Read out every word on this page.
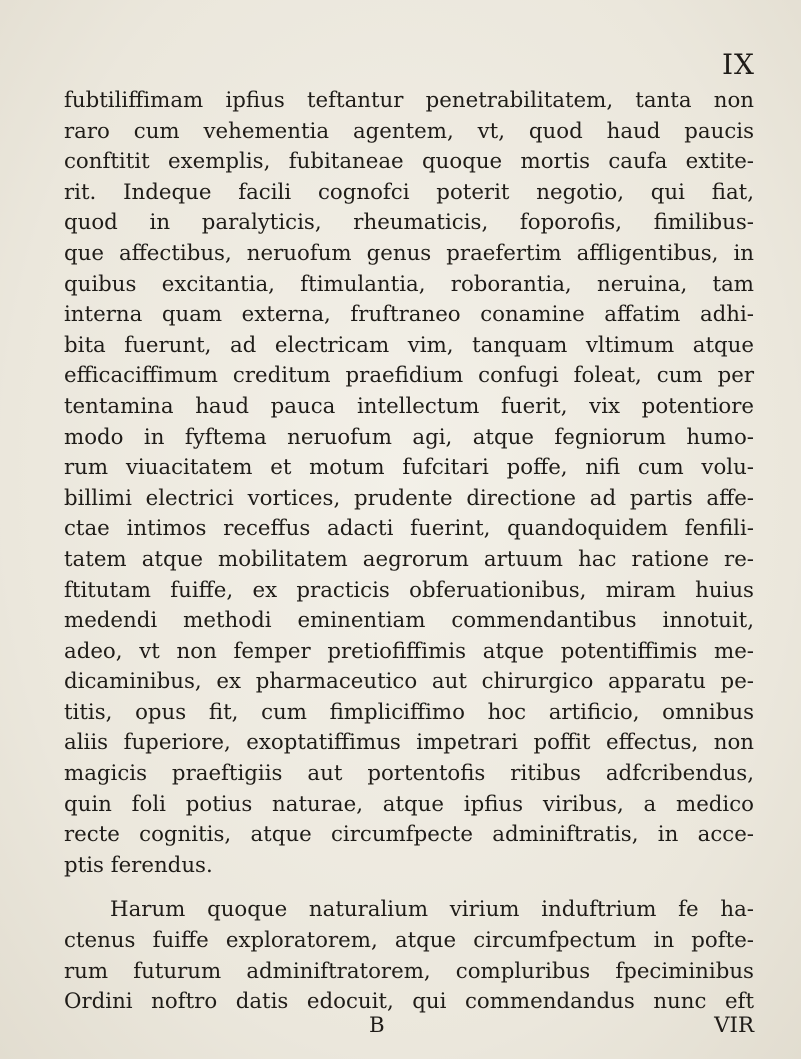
IX
fubtiliffimam ipfius teftantur penetrabilitatem, tanta non
raro cum vehementia agentem, vt, quod haud paucis
conftitit exemplis, fubitaneae quoque mortis caufa extite-
rit. Indeque facili cognofci poterit negotio, qui fiat,
quod in paralyticis, rheumaticis, foporofis, fimilibus-
que affectibus, neruofum genus praefertim affligentibus, in
quibus excitantia, ftimulantia, roborantia, neruina, tam
interna quam externa, fruftraneo conamine affatim adhi-
bita fuerunt, ad electricam vim, tanquam vltimum atque
efficaciffimum creditum praefidium confugi foleat, cum per
tentamina haud pauca intellectum fuerit, vix potentiore
modo in fyftema neruofum agi, atque fegniorum humo-
rum viuacitatem et motum fufcitari poffe, nifi cum volu-
billimi electrici vortices, prudente directione ad partis affe-
ctae intimos receffus adacti fuerint, quandoquidem fenfili-
tatem atque mobilitatem aegrorum artuum hac ratione re-
ftitutam fuiffe, ex practicis obferuationibus, miram huius
medendi methodi eminentiam commendantibus innotuit,
adeo, vt non femper pretiofiffimis atque potentiffimis me-
dicaminibus, ex pharmaceutico aut chirurgico apparatu pe-
titis, opus fit, cum fimpliciffimo hoc artificio, omnibus
aliis fuperiore, exoptatiffimus impetrari poffit effectus, non
magicis praeftigiis aut portentofis ritibus adfcribendus,
quin foli potius naturae, atque ipfius viribus, a medico
recte cognitis, atque circumfpecte adminiftratis, in acce-
ptis ferendus.
Harum quoque naturalium virium induftrium fe ha-
ctenus fuiffe exploratorem, atque circumfpectum in pofte-
rum futurum adminiftratorem, compluribus fpeciminibus
Ordini noftro datis edocuit, qui commendandus nunc eft
B	VIR
